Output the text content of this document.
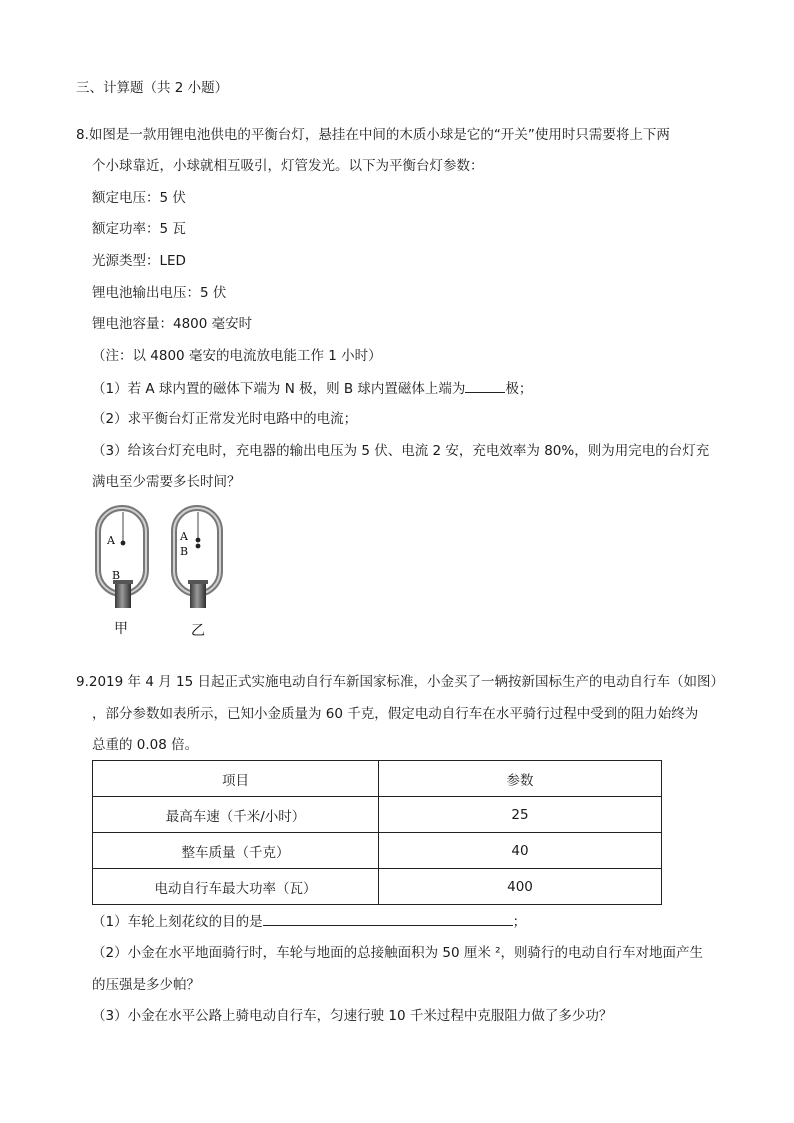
三、计算题（共 2 小题）
8.如图是一款用锂电池供电的平衡台灯，悬挂在中间的木质小球是它的“开关”使用时只需要将上下两
个小球靠近，小球就相互吸引，灯管发光。以下为平衡台灯参数：
额定电压：5 伏
额定功率：5 瓦
光源类型：LED
锂电池输出电压：5 伏
锂电池容量：4800 毫安时
（注：以 4800 毫安的电流放电能工作 1 小时）
（1）若 A 球内置的磁体下端为 N 极，则 B 球内置磁体上端为	极；
（2）求平衡台灯正常发光时电路中的电流；
（3）给该台灯充电时，充电器的输出电压为 5 伏、电流 2 安，充电效率为 80%，则为用完电的台灯充
满电至少需要多长时间？
A
B
甲
A
B
乙
9.2019 年 4 月 15 日起正式实施电动自行车新国家标准，小金买了一辆按新国标生产的电动自行车（如图）
，部分参数如表所示，已知小金质量为 60 千克，假定电动自行车在水平骑行过程中受到的阻力始终为
总重的 0.08 倍。
项目	参数
最高车速（千米/小时）	25
整车质量（千克）	40
电动自行车最大功率（瓦）	400
（1）车轮上刻花纹的目的是	；
（2）小金在水平地面骑行时，车轮与地面的总接触面积为 50 厘米 ²，则骑行的电动自行车对地面产生
的压强是多少帕？
（3）小金在水平公路上骑电动自行车，匀速行驶 10 千米过程中克服阻力做了多少功？
